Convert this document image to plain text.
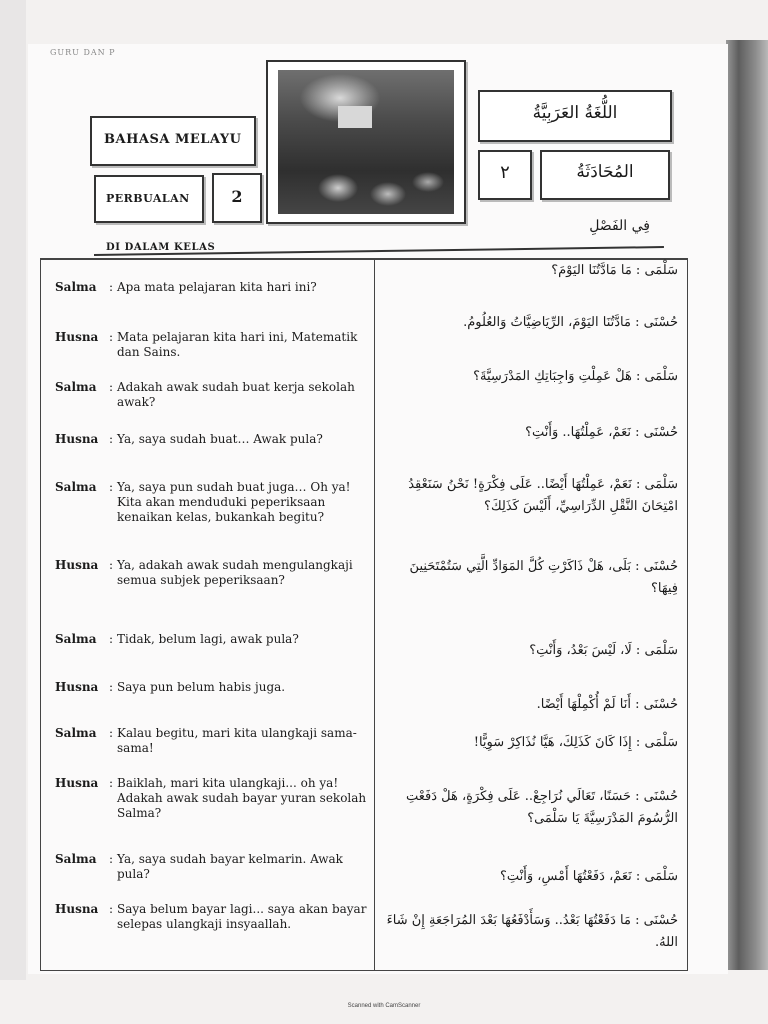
GURU DAN P
BAHASA MELAYU
PERBUALAN	2
اللُّغَةُ العَرَبِيَّةُ
٢	المُحَادَثَةُ
فِي الفَصْلِ
DI DALAM KELAS
Salma : Apa mata pelajaran kita hari ini?
Husna : Mata pelajaran kita hari ini, Matematik dan Sains.
Salma : Adakah awak sudah buat kerja sekolah awak?
Husna : Ya, saya sudah buat… Awak pula?
Salma : Ya, saya pun sudah buat juga… Oh ya! Kita akan menduduki peperiksaan kenaikan kelas, bukankah begitu?
Husna : Ya, adakah awak sudah mengulangkaji semua subjek peperiksaan?
Salma : Tidak, belum lagi, awak pula?
Husna : Saya pun belum habis juga.
Salma : Kalau begitu, mari kita ulangkaji sama-sama!
Husna : Baiklah, mari kita ulangkaji... oh ya! Adakah awak sudah bayar yuran sekolah Salma?
Salma : Ya, saya sudah bayar kelmarin. Awak pula?
Husna : Saya belum bayar lagi... saya akan bayar selepas ulangkaji insyaallah.
سَلْمَى : مَا مَادَّتُنَا اليَوْمَ؟
حُسْنَى : مَادَّتُنَا اليَوْمَ، الرِّيَاضِيَّاتُ وَالعُلُومُ.
سَلْمَى : هَلْ عَمِلْتِ وَاجِبَاتِكِ المَدْرَسِيَّةَ؟
حُسْنَى : نَعَمْ، عَمِلْتُهَا.. وَأَنْتِ؟
سَلْمَى : نَعَمْ، عَمِلْتُهَا أَيْضًا.. عَلَى فِكْرَةٍ! نَحْنُ سَنَعْقِدُ امْتِحَانَ النَّقْلِ الدِّرَاسِيِّ، أَلَيْسَ كَذَلِكَ؟
حُسْنَى : بَلَى، هَلْ ذَاكَرْتِ كُلَّ المَوَادِّ الَّتِي سَتُمْتَحَنِينَ فِيهَا؟
سَلْمَى : لَا، لَيْسَ بَعْدُ، وَأَنْتِ؟
حُسْنَى : أَنَا لَمْ أُكْمِلْهَا أَيْضًا.
سَلْمَى : إِذَا كَانَ كَذَلِكَ، هَيَّا نُذَاكِرْ سَوِيًّا!
حُسْنَى : حَسَنًا، تَعَالَي نُرَاجِعْ.. عَلَى فِكْرَةٍ، هَلْ دَفَعْتِ الرُّسُومَ المَدْرَسِيَّةَ يَا سَلْمَى؟
سَلْمَى : نَعَمْ، دَفَعْتُهَا أَمْسِ، وَأَنْتِ؟
حُسْنَى : مَا دَفَعْتُهَا بَعْدُ.. وَسَأَدْفَعُهَا بَعْدَ المُرَاجَعَةِ إِنْ شَاءَ اللهُ.
Scanned with CamScanner
